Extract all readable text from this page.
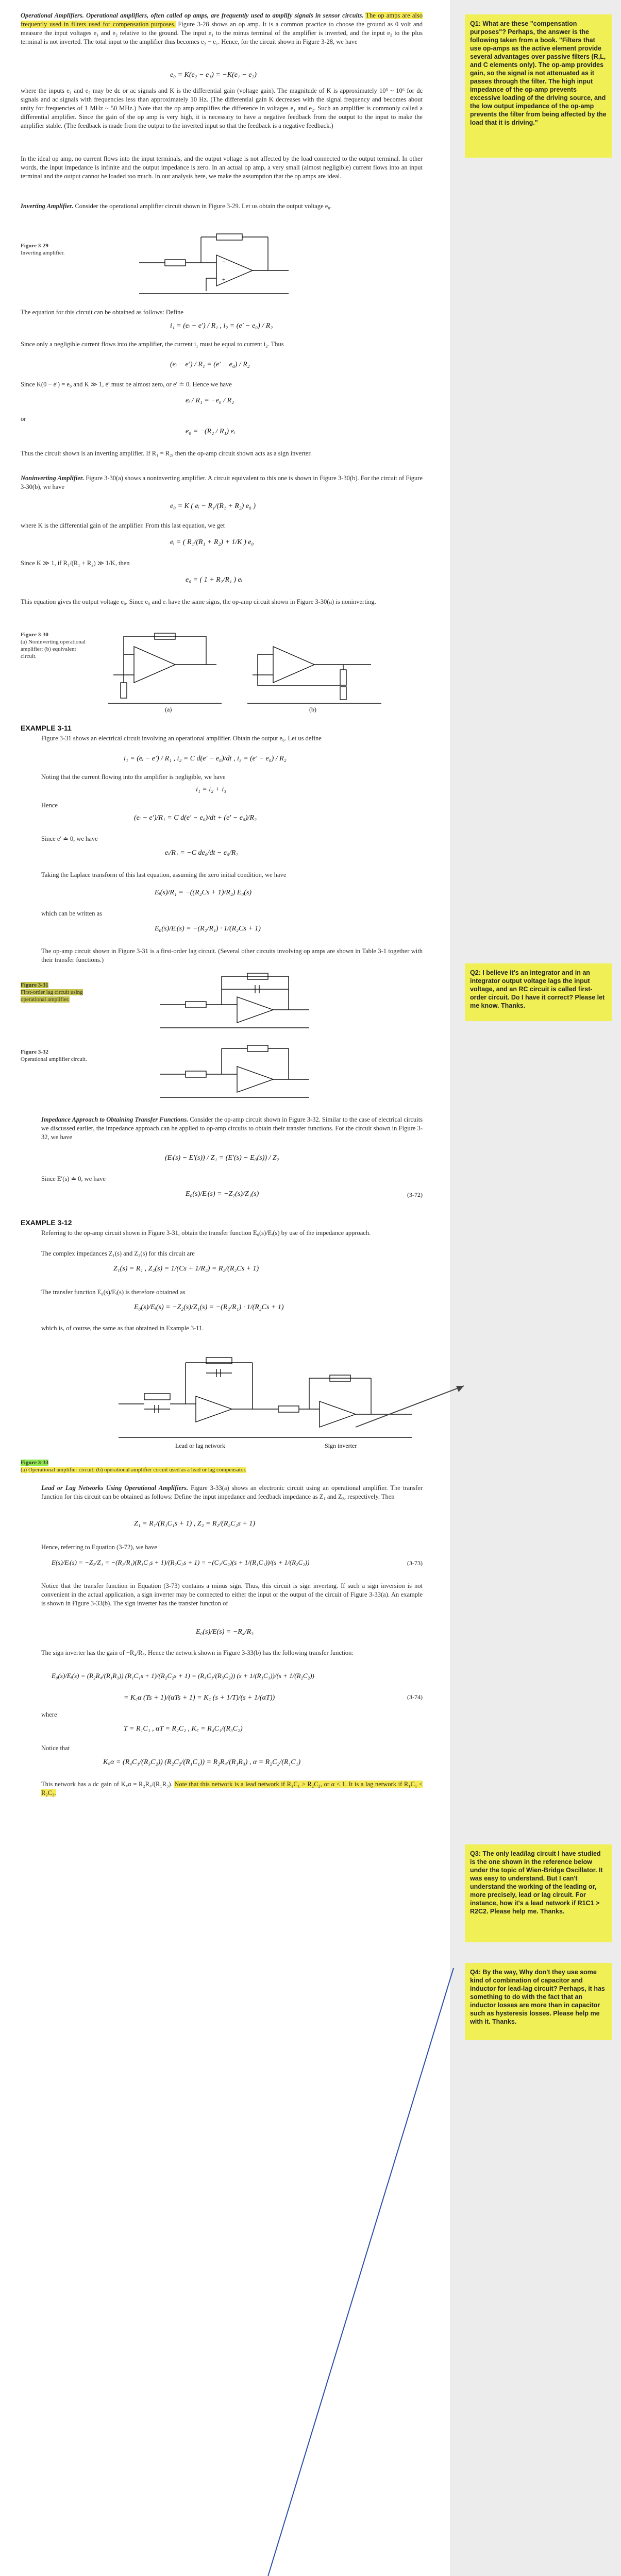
Operational Amplifiers. Operational amplifiers, often called op amps, are frequently used to amplify signals in sensor circuits. The op amps are also frequently used in filters used for compensation purposes. Figure 3-28 shows an op amp. It is a common practice to choose the ground as 0 volt and measure the input voltages e₁ and e₂ relative to the ground. The input e₁ to the minus terminal of the amplifier is inverted, and the input e₂ to the plus terminal is not inverted. The total input to the amplifier thus becomes e₂ − e₁. Hence, for the circuit shown in Figure 3-28, we have
e₀ = K(e₂ − e₁) = −K(e₁ − e₂)
where the inputs e₁ and e₂ may be dc or ac signals and K is the differential gain (voltage gain). The magnitude of K is approximately 10⁵ ~ 10⁶ for dc signals and ac signals with frequencies less than approximately 10 Hz. (The differential gain K decreases with the signal frequency and becomes about unity for frequencies of 1 MHz ~ 50 MHz.) Note that the op amp amplifies the difference in voltages e₁ and e₂. Such an amplifier is commonly called a differential amplifier. Since the gain of the op amp is very high, it is necessary to have a negative feedback from the output to the input to make the amplifier stable. (The feedback is made from the output to the inverted input so that the feedback is a negative feedback.)
In the ideal op amp, no current flows into the input terminals, and the output voltage is not affected by the load connected to the output terminal. In other words, the input impedance is infinite and the output impedance is zero. In an actual op amp, a very small (almost negligible) current flows into an input terminal and the output cannot be loaded too much. In our analysis here, we make the assumption that the op amps are ideal.
Inverting Amplifier. Consider the operational amplifier circuit shown in Figure 3-29. Let us obtain the output voltage e₀.
Figure 3-29
Inverting amplifier.
−
+
The equation for this circuit can be obtained as follows: Define
i₁ = (eᵢ − e′) / R₁ , i₂ = (e′ − e₀) / R₂
Since only a negligible current flows into the amplifier, the current i₁ must be equal to current i₂. Thus
(eᵢ − e′) / R₁ = (e′ − e₀) / R₂
Since K(0 − e′) = e₀ and K ≫ 1, e′ must be almost zero, or e′ ≐ 0. Hence we have
eᵢ / R₁ = −e₀ / R₂
or
e₀ = −(R₂ / R₁) eᵢ
Thus the circuit shown is an inverting amplifier. If R₁ = R₂, then the op-amp circuit shown acts as a sign inverter.
Noninverting Amplifier. Figure 3-30(a) shows a noninverting amplifier. A circuit equivalent to this one is shown in Figure 3-30(b). For the circuit of Figure 3-30(b), we have
e₀ = K ( eᵢ − R₁/(R₁ + R₂) e₀ )
where K is the differential gain of the amplifier. From this last equation, we get
eᵢ = ( R₁/(R₁ + R₂) + 1/K ) e₀
Since K ≫ 1, if R₁/(R₁ + R₂) ≫ 1/K, then
e₀ = ( 1 + R₂/R₁ ) eᵢ
This equation gives the output voltage e₀. Since e₀ and eᵢ have the same signs, the op-amp circuit shown in Figure 3-30(a) is noninverting.
Figure 3-30
(a) Noninverting operational amplifier; (b) equivalent circuit.
(a)	(b)
EXAMPLE 3-11
Figure 3-31 shows an electrical circuit involving an operational amplifier. Obtain the output e₀. Let us define
i₁ = (eᵢ − e′) / R₁ , i₂ = C d(e′ − e₀)/dt , i₃ = (e′ − e₀) / R₂
Noting that the current flowing into the amplifier is negligible, we have
i₁ = i₂ + i₃
Hence
(eᵢ − e′)/R₁ = C d(e′ − e₀)/dt + (e′ − e₀)/R₂
Since e′ ≐ 0, we have
eᵢ/R₁ = −C de₀/dt − e₀/R₂
Taking the Laplace transform of this last equation, assuming the zero initial condition, we have
Eᵢ(s)/R₁ = −((R₂Cs + 1)/R₂) E₀(s)
which can be written as
E₀(s)/Eᵢ(s) = −(R₂/R₁) · 1/(R₂Cs + 1)
The op-amp circuit shown in Figure 3-31 is a first-order lag circuit. (Several other circuits involving op amps are shown in Table 3-1 together with their transfer functions.)
Figure 3-31
First-order lag circuit using operational amplifier.
Figure 3-32
Operational amplifier circuit.
Impedance Approach to Obtaining Transfer Functions. Consider the op-amp circuit shown in Figure 3-32. Similar to the case of electrical circuits we discussed earlier, the impedance approach can be applied to op-amp circuits to obtain their transfer functions. For the circuit shown in Figure 3-32, we have
(Eᵢ(s) − E′(s)) / Z₁ = (E′(s) − E₀(s)) / Z₂
Since E′(s) ≐ 0, we have
E₀(s)/Eᵢ(s) = −Z₂(s)/Z₁(s)	(3-72)
EXAMPLE 3-12
Referring to the op-amp circuit shown in Figure 3-31, obtain the transfer function E₀(s)/Eᵢ(s) by use of the impedance approach.
The complex impedances Z₁(s) and Z₂(s) for this circuit are
Z₁(s) = R₁ , Z₂(s) = 1/(Cs + 1/R₂) = R₂/(R₂Cs + 1)
The transfer function E₀(s)/Eᵢ(s) is therefore obtained as
E₀(s)/Eᵢ(s) = −Z₂(s)/Z₁(s) = −(R₂/R₁) · 1/(R₂Cs + 1)
which is, of course, the same as that obtained in Example 3-11.
Lead or lag network	Sign inverter
Figure 3-33
(a) Operational amplifier circuit; (b) operational amplifier circuit used as a lead or lag compensator.
Lead or Lag Networks Using Operational Amplifiers. Figure 3-33(a) shows an electronic circuit using an operational amplifier. The transfer function for this circuit can be obtained as follows: Define the input impedance and feedback impedance as Z₁ and Z₂, respectively. Then
Z₁ = R₁/(R₁C₁s + 1) , Z₂ = R₂/(R₂C₂s + 1)
Hence, referring to Equation (3-72), we have
E(s)/Eᵢ(s) = −Z₂/Z₁ = −(R₂/R₁)(R₁C₁s + 1)/(R₂C₂s + 1) = −(C₁/C₂)(s + 1/(R₁C₁))/(s + 1/(R₂C₂))	(3-73)
Notice that the transfer function in Equation (3-73) contains a minus sign. Thus, this circuit is sign inverting. If such a sign inversion is not convenient in the actual application, a sign inverter may be connected to either the input or the output of the circuit of Figure 3-33(a). An example is shown in Figure 3-33(b). The sign inverter has the transfer function of
E₀(s)/E(s) = −R₄/R₃
The sign inverter has the gain of −R₄/R₃. Hence the network shown in Figure 3-33(b) has the following transfer function:
E₀(s)/Eᵢ(s) = (R₂R₄/(R₁R₃)) (R₁C₁s + 1)/(R₂C₂s + 1) = (R₄C₁/(R₃C₂)) (s + 1/(R₁C₁))/(s + 1/(R₂C₂))
= K꜀α (Ts + 1)/(αTs + 1) = K꜀ (s + 1/T)/(s + 1/(αT))	(3-74)
where
T = R₁C₁ , αT = R₂C₂ , K꜀ = R₄C₁/(R₃C₂)
Notice that
K꜀α = (R₄C₁/(R₃C₂)) (R₂C₂/(R₁C₁)) = R₂R₄/(R₁R₃) , α = R₂C₂/(R₁C₁)
This network has a dc gain of K꜀α = R₂R₄/(R₁R₃). Note that this network is a lead network if R₁C₁ > R₂C₂, or α < 1. It is a lag network if R₁C₁ < R₂C₂.
Q1: What are these "compensation purposes"? Perhaps, the answer is the following taken from a book. "Filters that use op-amps as the active element provide several advantages over passive filters (R,L, and C elements only). The op-amp provides gain, so the signal is not attenuated as it passes through the filter. The high input impedance of the op-amp prevents excessive loading of the driving source, and the low output impedance of the op-amp prevents the filter from being affected by the load that it is driving."
Q2: I believe it's an integrator and in an integrator output voltage lags the input voltage, and an RC circuit is called first-order circuit. Do I have it correct? Please let me know. Thanks.
Q3: The only lead/lag circuit I have studied is the one shown in the reference below under the topic of Wien-Bridge Oscillator. It was easy to understand. But I can't understand the working of the leading or, more precisely, lead or lag circuit. For instance, how it's a lead network if R1C1 > R2C2. Please help me. Thanks.
Q4: By the way, Why don't they use some kind of combination of capacitor and inductor for lead-lag circuit? Perhaps, it has something to do with the fact that an inductor losses are more than in capacitor such as hysteresis losses. Please help me with it. Thanks.
